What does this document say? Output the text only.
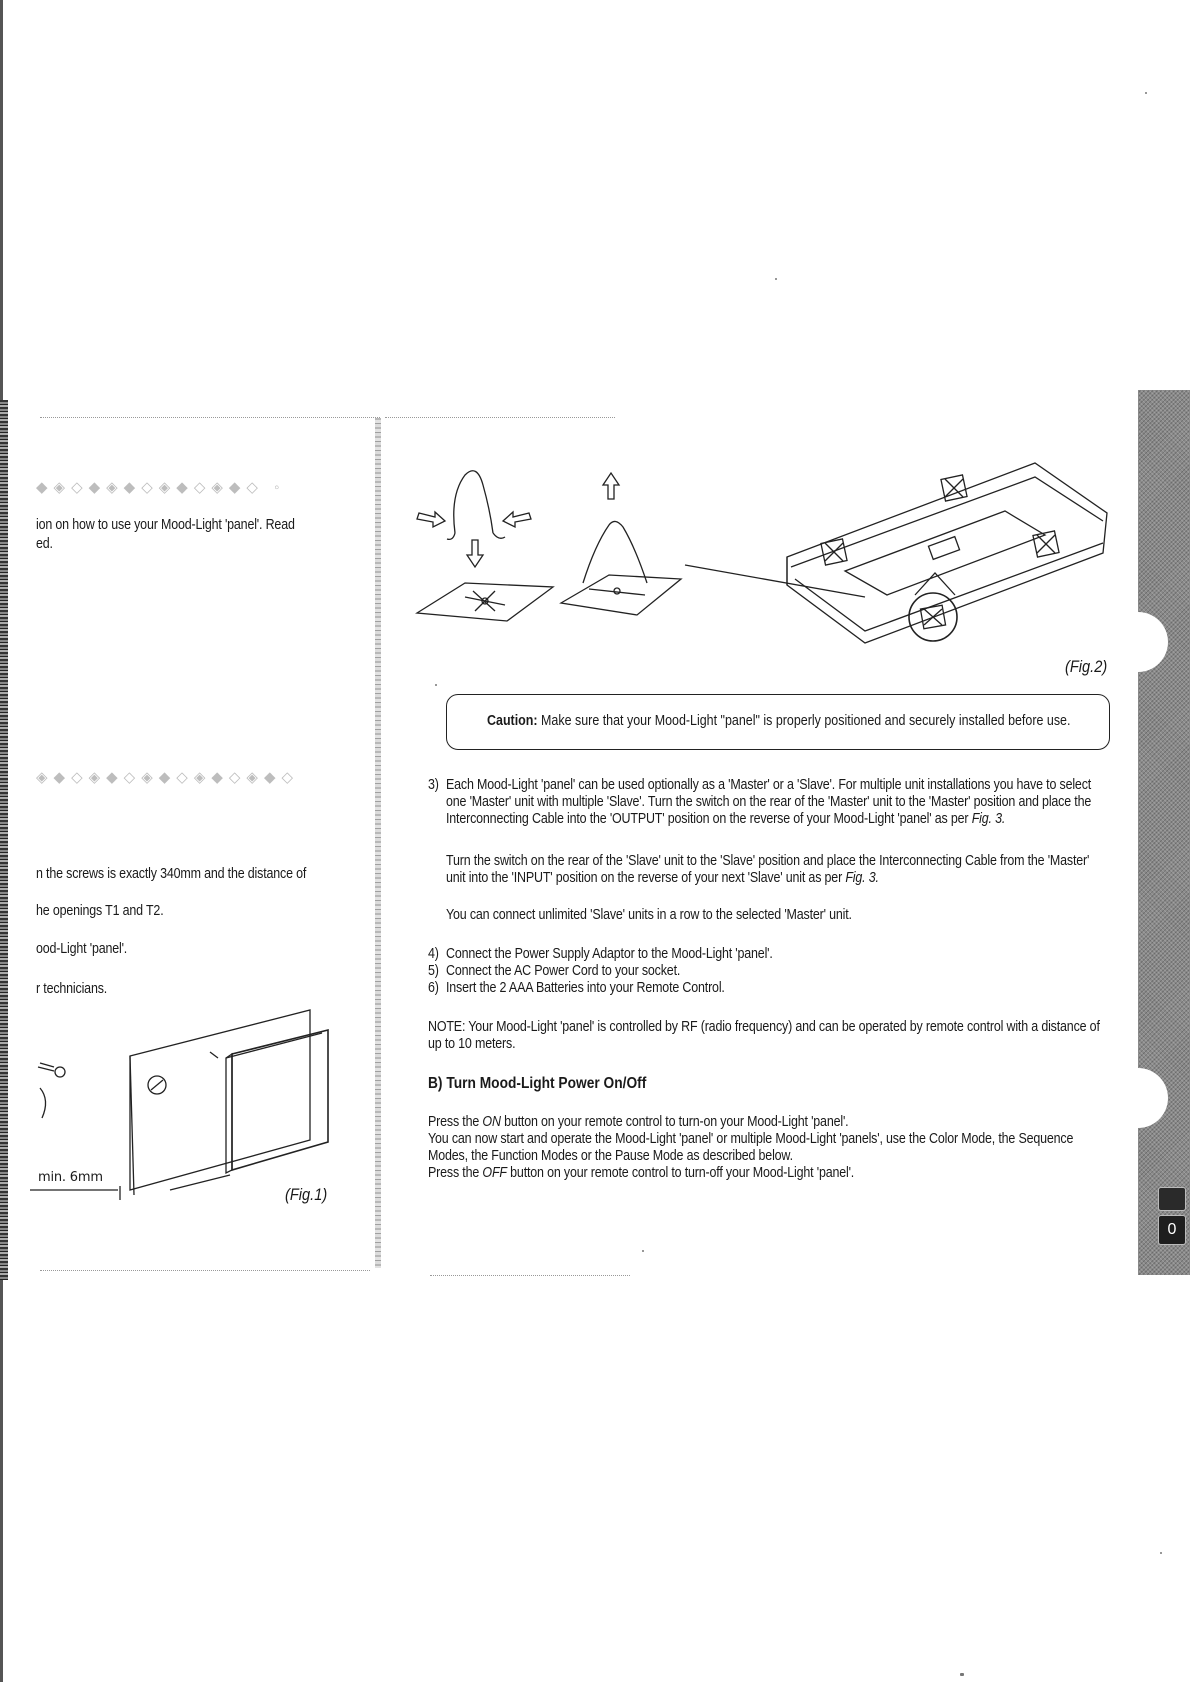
0
◆◈◇◆◈◆◇◈◆◇◈◆◇ ◦
ion on how to use your Mood-Light 'panel'. Read
ed.
◈◆◇◈◆◇◈◆◇◈◆◇◈◆◇
n the screws is exactly 340mm and the distance of
he openings T1 and T2.
ood-Light 'panel'.
r technicians.
min. 6mm
(Fig.1)
(Fig.2)
Caution: Make sure that your Mood-Light "panel" is properly positioned and securely installed before use.
3) Each Mood-Light 'panel' can be used optionally as a 'Master' or a 'Slave'. For multiple unit installations you have to select one 'Master' unit with multiple 'Slave'. Turn the switch on the rear of the 'Master' unit to the 'Master' position and place the Interconnecting Cable into the 'OUTPUT' position on the reverse of your Mood-Light 'panel' as per Fig. 3.
Turn the switch on the rear of the 'Slave' unit to the 'Slave' position and place the Interconnecting Cable from the 'Master' unit into the 'INPUT' position on the reverse of your next 'Slave' unit as per Fig. 3.
You can connect unlimited 'Slave' units in a row to the selected 'Master' unit.
4) Connect the Power Supply Adaptor to the Mood-Light 'panel'.
5) Connect the AC Power Cord to your socket.
6) Insert the 2 AAA Batteries into your Remote Control.
NOTE: Your Mood-Light 'panel' is controlled by RF (radio frequency) and can be operated by remote control with a distance of up to 10 meters.
B) Turn Mood-Light Power On/Off
Press the ON button on your remote control to turn-on your Mood-Light 'panel'.
You can now start and operate the Mood-Light 'panel' or multiple Mood-Light 'panels', use the Color Mode, the Sequence Modes, the Function Modes or the Pause Mode as described below.
Press the OFF button on your remote control to turn-off your Mood-Light 'panel'.
